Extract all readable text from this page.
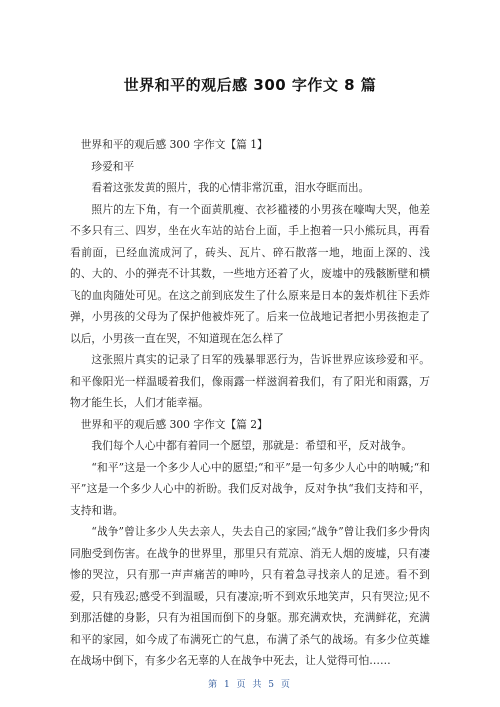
世界和平的观后感 300 字作文 8 篇

世界和平的观后感 300 字作文【篇 1】

珍爱和平

看着这张发黄的照片，我的心情非常沉重，泪水夺眶而出。

照片的左下角，有一个面黄肌瘦、衣衫褴褛的小男孩在嚎啕大哭，他差不多只有三、四岁，坐在火车站的站台上面，手上抱着一只小熊玩具，再看看前面，已经血流成河了，砖头、瓦片、碎石散落一地，地面上深的、浅的、大的、小的弹壳不计其数，一些地方还着了火，废墟中的残骸断壁和横飞的血肉随处可见。在这之前到底发生了什么原来是日本的轰炸机往下丢炸弹，小男孩的父母为了保护他被炸死了。后来一位战地记者把小男孩抱走了以后，小男孩一直在哭，不知道现在怎么样了

这张照片真实的记录了日军的残暴罪恶行为，告诉世界应该珍爱和平。和平像阳光一样温暖着我们，像雨露一样滋润着我们，有了阳光和雨露，万物才能生长，人们才能幸福。

世界和平的观后感 300 字作文【篇 2】

我们每个人心中都有着同一个愿望，那就是：希望和平，反对战争。

“和平”这是一个多少人心中的愿望;“和平”是一句多少人心中的呐喊;“和平”这是一个多少人心中的祈盼。我们反对战争，反对争执“我们支持和平，支持和谐。

“战争”曾让多少人失去亲人，失去自己的家园;“战争”曾让我们多少骨肉同胞受到伤害。在战争的世界里，那里只有荒凉、消无人烟的废墟，只有凄惨的哭泣，只有那一声声痛苦的呻吟，只有着急寻找亲人的足迹。看不到爱，只有残忍;感受不到温暖，只有凄凉;听不到欢乐地笑声，只有哭泣;见不到那活健的身影，只有为祖国而倒下的身躯。那充满欢快，充满鲜花，充满和平的家园，如今成了布满死亡的气息，布满了杀气的战场。有多少位英雄在战场中倒下，有多少名无辜的人在战争中死去，让人觉得可怕……

第 1 页 共 5 页
